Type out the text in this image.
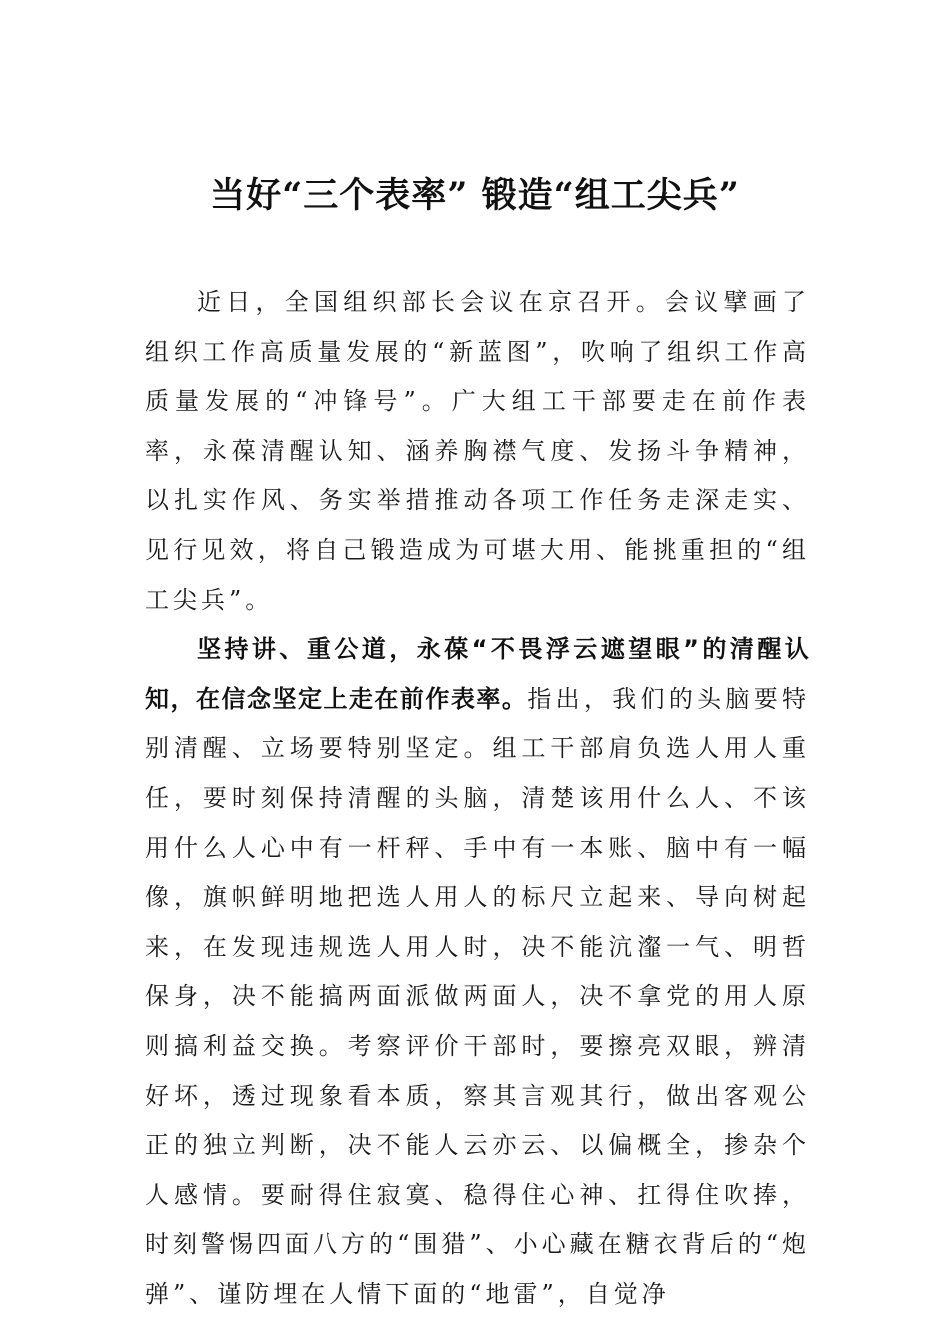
当好“三个表率” 锻造“组工尖兵”

近日，全国组织部长会议在京召开。会议擘画了组织工作高质量发展的“新蓝图”，吹响了组织工作高质量发展的“冲锋号”。广大组工干部要走在前作表率，永葆清醒认知、涵养胸襟气度、发扬斗争精神，以扎实作风、务实举措推动各项工作任务走深走实、见行见效，将自己锻造成为可堪大用、能挑重担的“组工尖兵”。

坚持讲、重公道，永葆“不畏浮云遮望眼”的清醒认知，在信念坚定上走在前作表率。指出，我们的头脑要特别清醒、立场要特别坚定。组工干部肩负选人用人重任，要时刻保持清醒的头脑，清楚该用什么人、不该用什么人心中有一杆秤、手中有一本账、脑中有一幅像，旗帜鲜明地把选人用人的标尺立起来、导向树起来，在发现违规选人用人时，决不能沆瀣一气、明哲保身，决不能搞两面派做两面人，决不拿党的用人原则搞利益交换。考察评价干部时，要擦亮双眼，辨清好坏，透过现象看本质，察其言观其行，做出客观公正的独立判断，决不能人云亦云、以偏概全，掺杂个人感情。要耐得住寂寞、稳得住心神、扛得住吹捧，时刻警惕四面八方的“围猎”、小心藏在糖衣背后的“炮弹”、谨防埋在人情下面的“地雷”，自觉净
